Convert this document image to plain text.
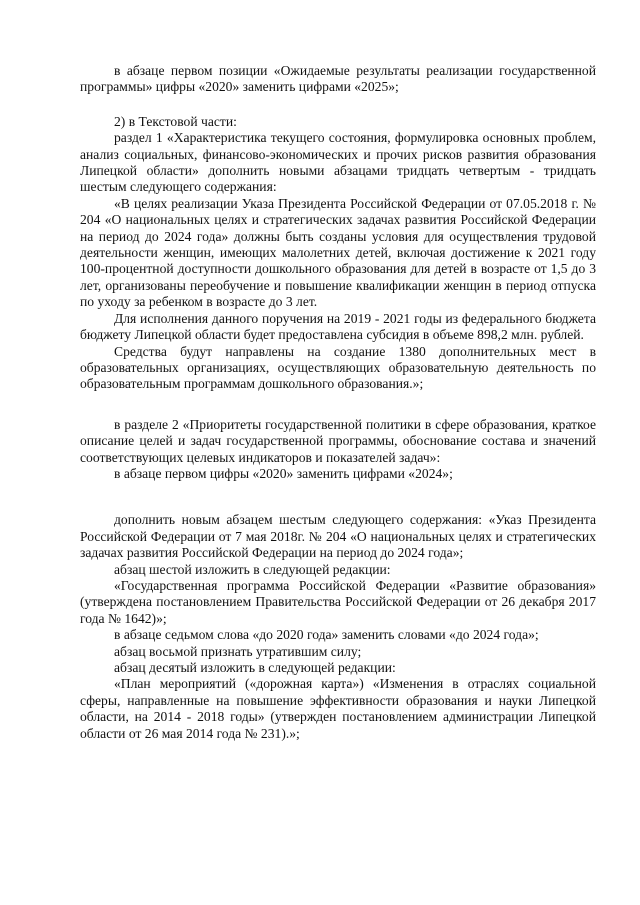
в абзаце первом позиции «Ожидаемые результаты реализации государственной программы» цифры «2020» заменить цифрами «2025»;

2) в Текстовой части:

раздел 1 «Характеристика текущего состояния, формулировка основных проблем, анализ социальных, финансово-экономических и прочих рисков развития образования Липецкой области» дополнить новыми абзацами тридцать четвертым - тридцать шестым следующего содержания:

«В целях реализации Указа Президента Российской Федерации от 07.05.2018 г. № 204 «О национальных целях и стратегических задачах развития Российской Федерации на период до 2024 года» должны быть созданы условия для осуществления трудовой деятельности женщин, имеющих малолетних детей, включая достижение к 2021 году 100-процентной доступности дошкольного образования для детей в возрасте от 1,5 до 3 лет, организованы переобучение и повышение квалификации женщин в период отпуска по уходу за ребенком в возрасте до 3 лет.

Для исполнения данного поручения на 2019 - 2021 годы из федерального бюджета бюджету Липецкой области будет предоставлена субсидия в объеме 898,2 млн. рублей.

Средства будут направлены на создание 1380 дополнительных мест в образовательных организациях, осуществляющих образовательную деятельность по образовательным программам дошкольного образования.»;

в разделе 2 «Приоритеты государственной политики в сфере образования, краткое описание целей и задач государственной программы, обоснование состава и значений соответствующих целевых индикаторов и показателей задач»:

в абзаце первом цифры «2020» заменить цифрами «2024»;

дополнить новым абзацем шестым следующего содержания: «Указ Президента Российской Федерации от 7 мая 2018г. № 204 «О национальных целях и стратегических задачах развития Российской Федерации на период до 2024 года»;

абзац шестой изложить в следующей редакции:

«Государственная программа Российской Федерации «Развитие образования» (утверждена постановлением Правительства Российской Федерации от 26 декабря 2017 года № 1642)»;

в абзаце седьмом слова «до 2020 года» заменить словами «до 2024 года»;

абзац восьмой признать утратившим силу;

абзац десятый изложить в следующей редакции:

«План мероприятий («дорожная карта») «Изменения в отраслях социальной сферы, направленные на повышение эффективности образования и науки Липецкой области, на 2014 - 2018 годы» (утвержден постановлением администрации Липецкой области от 26 мая 2014 года № 231).»;
